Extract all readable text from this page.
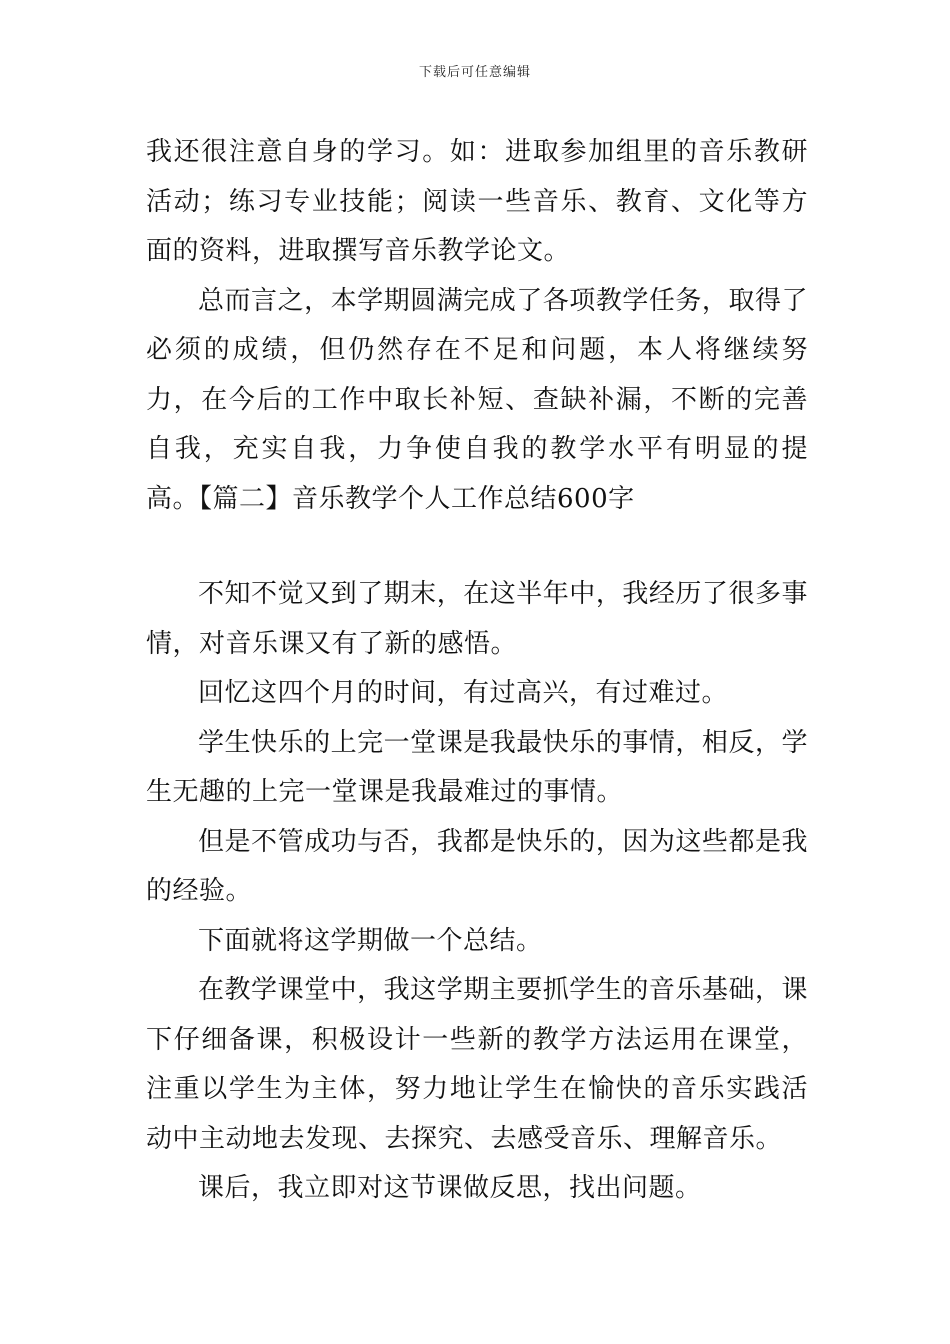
下载后可任意编辑

我还很注意自身的学习。如：进取参加组里的音乐教研活动；练习专业技能；阅读一些音乐、教育、文化等方面的资料，进取撰写音乐教学论文。

总而言之，本学期圆满完成了各项教学任务，取得了必须的成绩，但仍然存在不足和问题，本人将继续努力，在今后的工作中取长补短、查缺补漏，不断的完善自我，充实自我，力争使自我的教学水平有明显的提高。【篇二】音乐教学个人工作总结600字

不知不觉又到了期末，在这半年中，我经历了很多事情，对音乐课又有了新的感悟。

回忆这四个月的时间，有过高兴，有过难过。

学生快乐的上完一堂课是我最快乐的事情，相反，学生无趣的上完一堂课是我最难过的事情。

但是不管成功与否，我都是快乐的，因为这些都是我的经验。

下面就将这学期做一个总结。

在教学课堂中，我这学期主要抓学生的音乐基础，课下仔细备课，积极设计一些新的教学方法运用在课堂，注重以学生为主体，努力地让学生在愉快的音乐实践活动中主动地去发现、去探究、去感受音乐、理解音乐。

课后，我立即对这节课做反思，找出问题。
